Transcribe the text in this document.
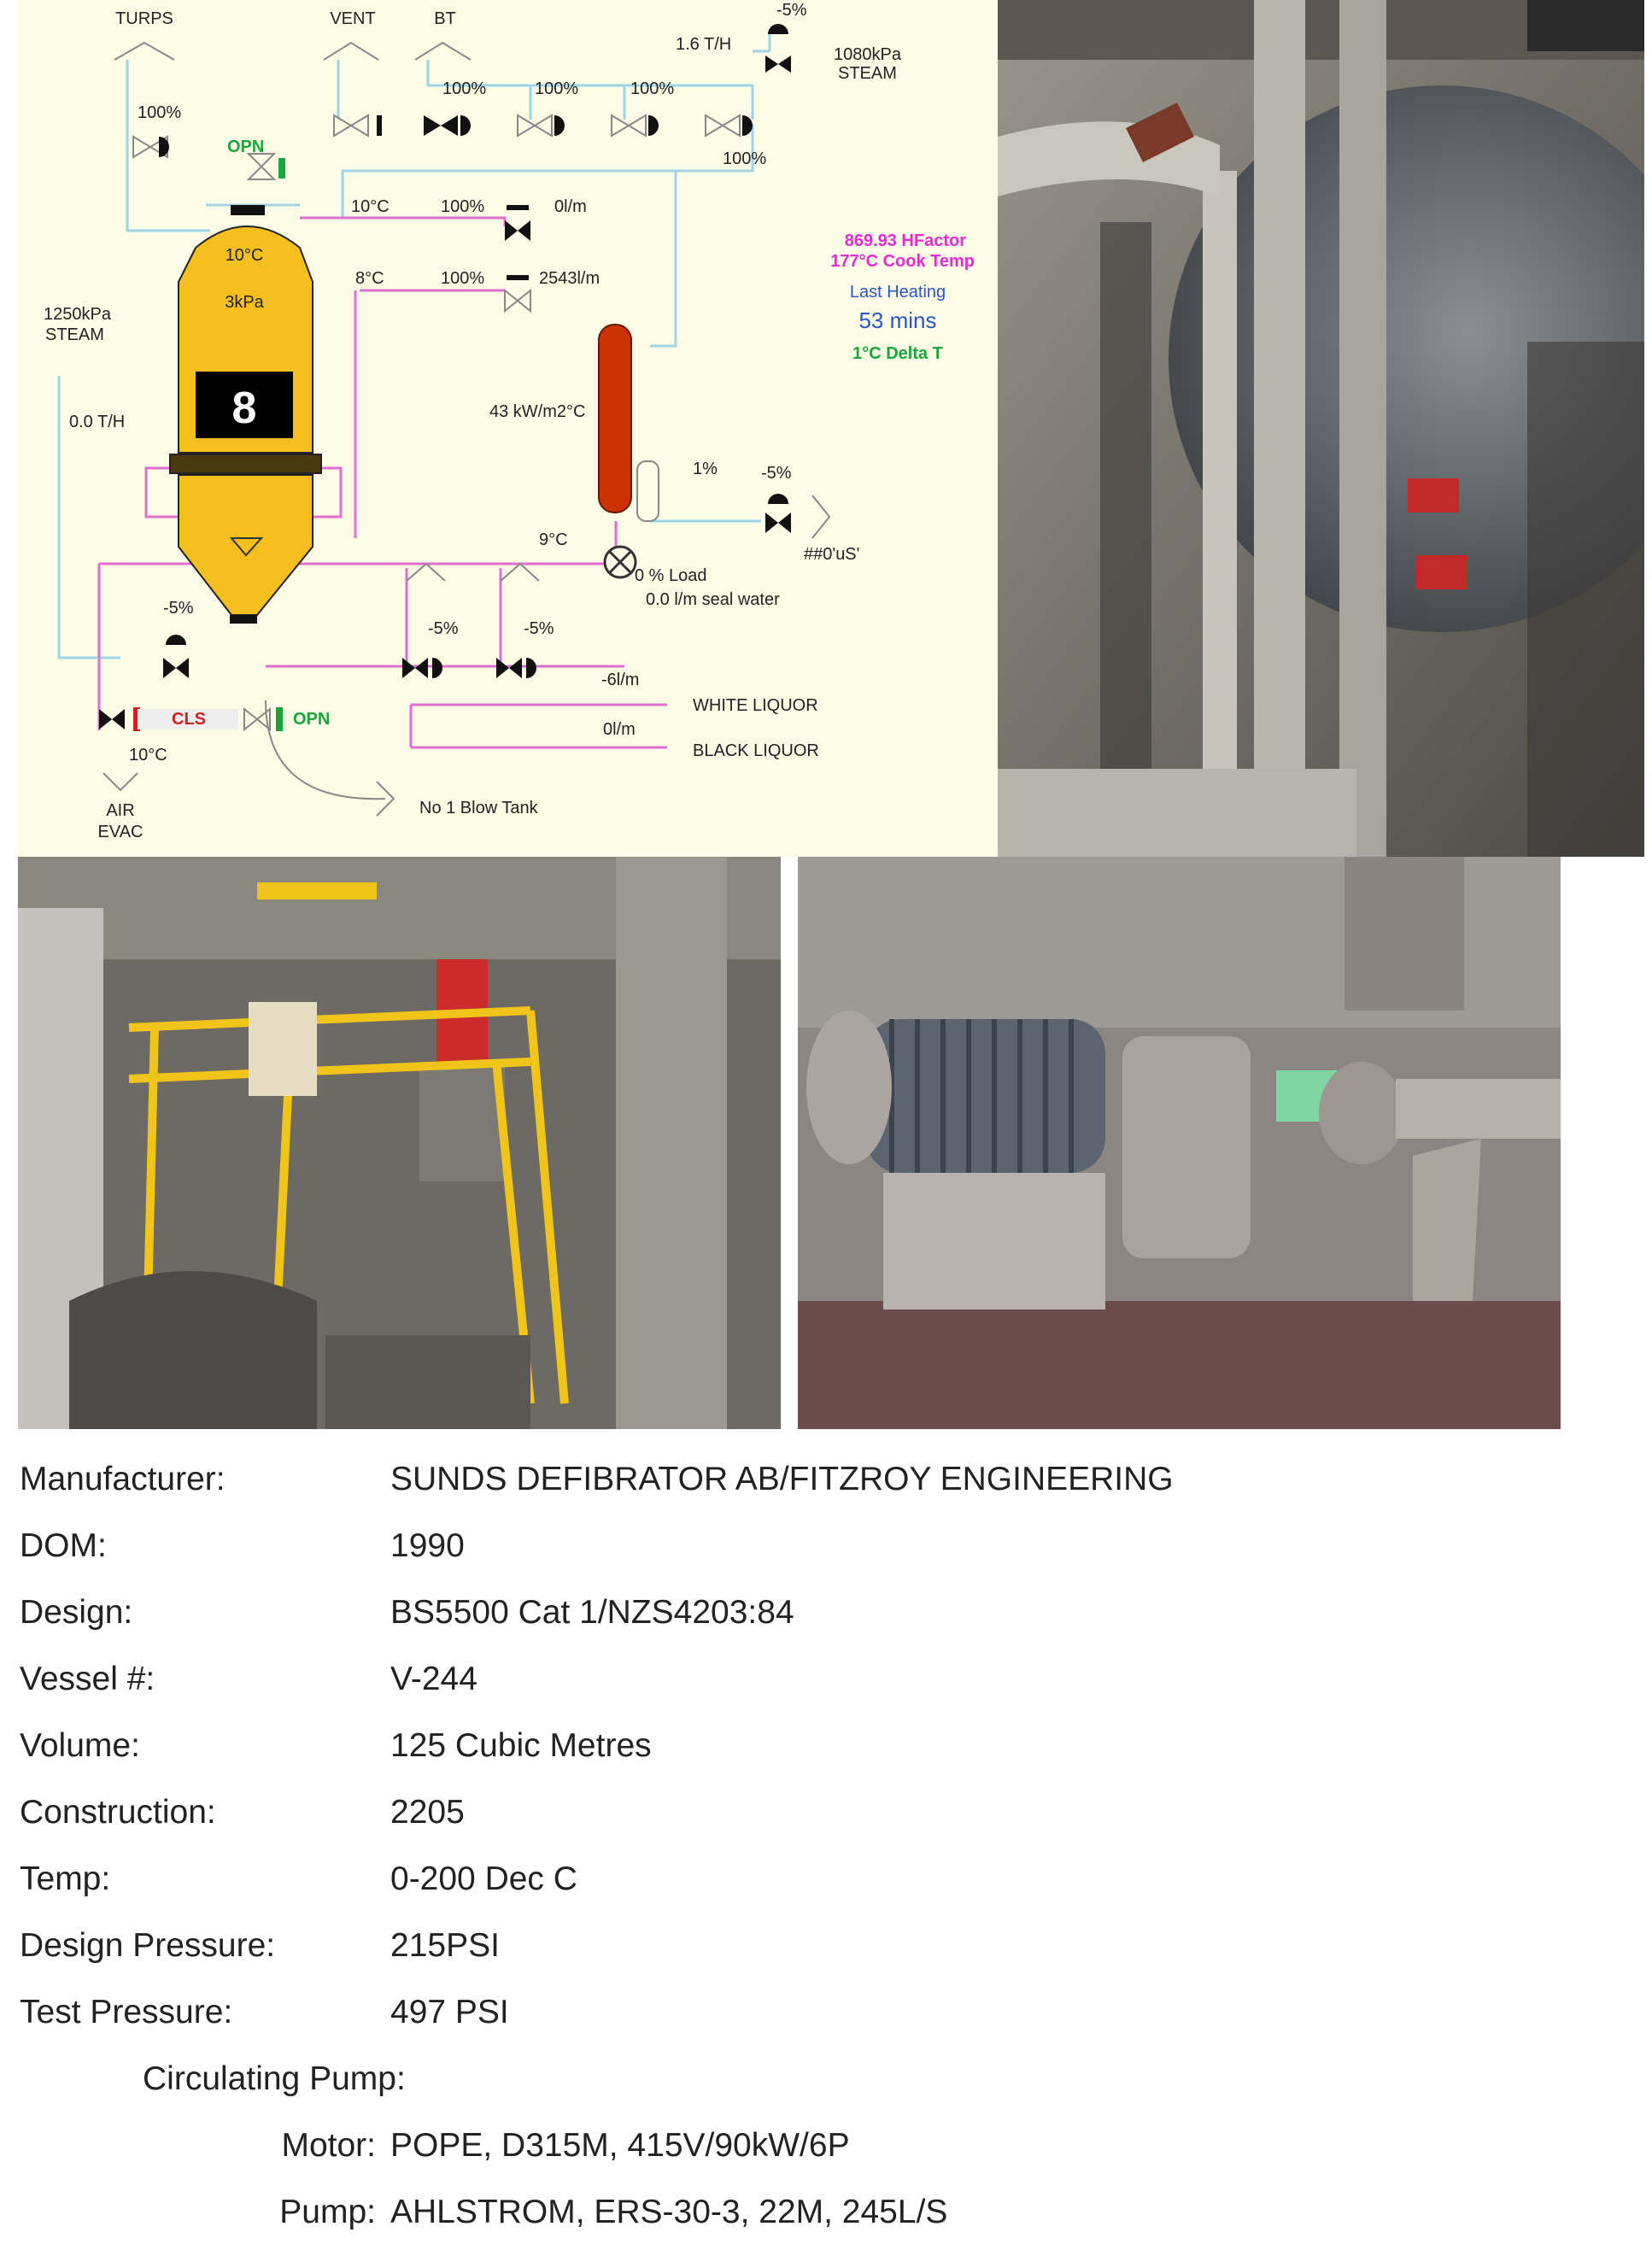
TURPS	VENT	BT
1.6 T/H
-5%
1080kPa
STEAM
100%
100%	100%	100%
100%
OPN
10°C	100%	0l/m
8°C	100%	2543l/m
869.93 HFactor
177°C Cook Temp
Last Heating
53 mins
1°C Delta T
10°C
3kPa
1250kPa
STEAM
0.0 T/H 8	43 kW/m2°C
1%	-5%
##0'uS'
9°C
0 % Load
0.0 l/m seal water
-5%
-5%	-5%
-6l/m
WHITE LIQUOR
0l/m
BLACK LIQUOR
CLS	OPN
10°C
AIR
EVAC
No 1 Blow Tank
Manufacturer:	SUNDS DEFIBRATOR AB/FITZROY ENGINEERING
DOM:	1990
Design:	BS5500 Cat 1/NZS4203:84
Vessel #:	V-244
Volume:	125 Cubic Metres
Construction:	2205
Temp:	0-200 Dec C
Design Pressure:	215PSI
Test Pressure:	497 PSI
Circulating Pump:
Motor: POPE, D315M, 415V/90kW/6P
Pump: AHLSTROM, ERS-30-3, 22M, 245L/S
